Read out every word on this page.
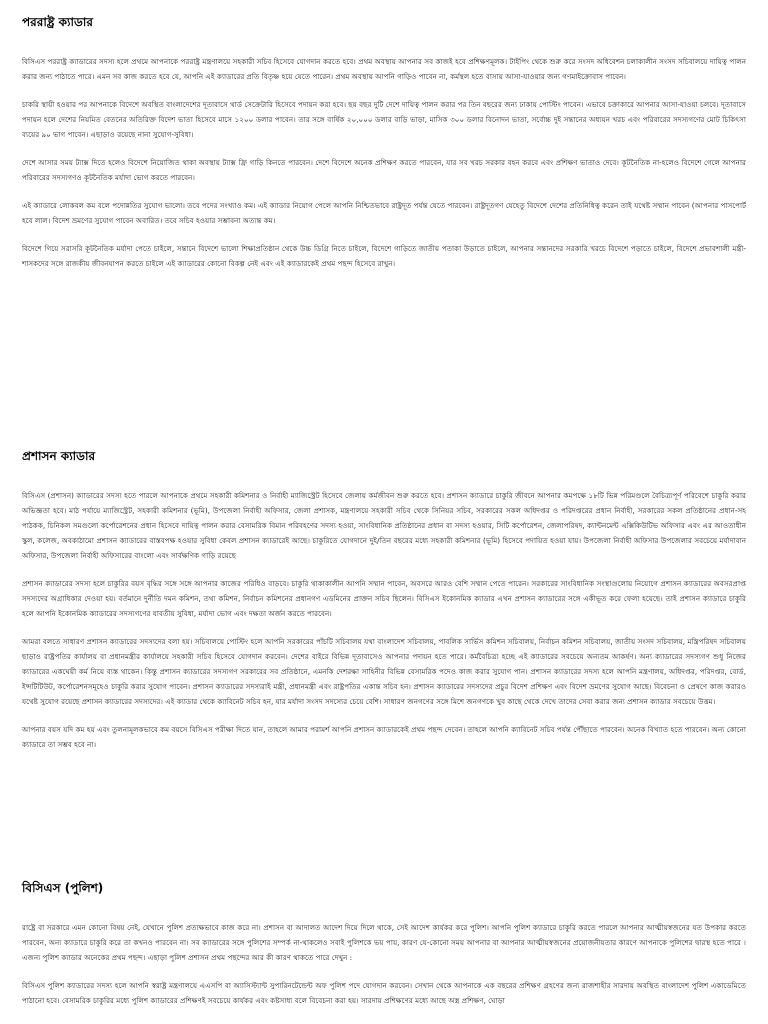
পররাষ্ট্র ক্যাডার

বিসিএস পররাষ্ট্র ক্যাডারের সদস্য হলে প্রথমে আপনাকে পররাষ্ট্র মন্ত্রণালয়ে সহকারী সচিব হিসেবে যোগদান করতে হবে। প্রথম অবস্থায় আপনার সব কাজই হবে প্রশিক্ষণমূলক। টাইপিং থেকে শুরু করে সংসদ অধিবেশন চলাকালীন সংসদ সচিবালয়ে দায়িত্ব পালন করার জন্য পাঠাতে পারে। এমন সব কাজ করতে হবে যে, আপনি এই ক্যাডারের প্রতি বিতৃষ্ণ হয়ে যেতে পারেন। প্রথম অবস্থায় আপনি গাড়িও পাবেন না, কর্মস্থল হতে বাসায় আসা-যাওয়ার জন্য গণমাইক্রোবাস পাবেন।

চাকরি স্থায়ী হওয়ার পর আপনাকে বিদেশে অবস্থিত বাংলাদেশের দূতাবাসে থার্ড সেক্রেটারি হিসেবে পদায়ন করা হবে। ছয় বছর দুটি দেশে দায়িত্ব পালন করার পর তিন বছরের জন্য ঢাকায় পোস্টিং পাবেন। এভাবে চক্রাকারে আপনার আসা-যাওয়া চলবে। দূতাবাসে পদায়ন হলে দেশের নিয়মিত বেতনের অতিরিক্ত বিদেশ ভাতা হিসেবে মাসে ১২০০ ডলার পাবেন। তার সঙ্গে বার্ষিক ২০,০০০ ডলার বাড়ি ভাড়া, মাসিক ৩০০ ডলার বিনোদন ভাতা, সর্বোচ্চ দুই সন্তানের অধ্যয়ন খরচ এবং পরিবারের সদস্যগণের মোট চিকিৎসা ব্যয়ের ৯০ ভাগ পাবেন। এছাড়াও রয়েছে নানা সুযোগ-সুবিধা।

দেশে আসার সময় ট্যাক্স দিতে হলেও বিদেশে নিয়োজিত থাকা অবস্থায় ট্যাক্স ফ্রি গাড়ি কিনতে পারবেন। দেশে বিদেশে অনেক প্রশিক্ষণ করতে পারবেন, যার সব খরচ সরকার বহন করবে এবং প্রশিক্ষণ ভাতাও দেবে। কূটনৈতিক না-হলেও বিদেশে গেলে আপনার পরিবারের সদস্যগণও কূটনৈতিক মর্যাদা ভোগ করতে পারবেন।

এই ক্যাডারে লোকবল কম বলে পদোন্নতির সুযোগ ভালো। তবে পদের সংখ্যাও কম। এই ক্যাডার নিয়োগ পেলে আপনি নিশ্চিতভাবে রাষ্ট্রদূত পর্যন্ত যেতে পারবেন। রাষ্ট্রদূতগণ যেহেতু বিদেশে দেশের প্রতিনিধিত্ব করেন তাই যথেষ্ট সম্মান পাবেন (আপনার পাসপোর্ট হবে লাল। বিদেশ ভ্রমণের সুযোগ পাবেন অবারিত। তবে সচিব হওয়ার সম্ভাবনা অত্যন্ত কম।

বিদেশে গিয়ে সরাসরি কূটনৈতিক মর্যাদা পেতে চাইলে, সন্তানে বিদেশে ভালো শিক্ষাপ্রতিষ্ঠান থেকে উচ্চ ডিগ্রি নিতে চাইলে, বিদেশে গাড়িতে জাতীয় পতাকা উড়াতে চাইলে, আপনার সন্তানদের সরকারি খরচে বিদেশে পড়াতে চাইলে, বিদেশে প্রভাবশালী মন্ত্রী-শাসকদের সঙ্গে রাজকীয় জীবনযাপন করতে চাইলে এই ক্যাডারের কোনো বিকল্প নেই এবং এই ক্যাডারকেই প্রথম পছন্দ হিসেবে রাখুন।

প্রশাসন ক্যাডার

বিসিএস (প্রশাসন) ক্যাডারের সদস্য হতে পারলে আপনাকে প্রথমে সহকারী কমিশনার ও নির্বাহী ম্যাজিস্ট্রেট হিসেবে জেলায় কর্মজীবন শুরু করতে হবে। প্রশাসন ক্যাডারে চাকুরি জীবনে আপনার কমপক্ষে ১৮টি ভিন্ন পরিমণ্ডলে বৈচিত্র্যপূর্ণ পরিবেশে চাকুরি করার অভিজ্ঞতা হবে। মাঠ পর্যায়ে ম্যাজিস্ট্রেট, সহকারী কমিশনার (ভূমি), উপজেলা নির্বাহী অফিসার, জেলা প্রশাসক, মন্ত্রণালয়ে সহকারী সচিব থেকে সিনিয়র সচিব, সরকারের সকল অধিদপ্তর ও পরিদপ্তরের প্রধান নির্বাহী, সরকারের সকল প্রতিষ্ঠানের প্রধান-সহ পাঠকক, চিনিকল সমগুলো কর্পোরেশনের প্রধান হিসেবে দায়িত্ব পালন করার বেসামরিক বিমান পরিবহণের সদস্য হওয়া, সাংবিধানিক প্রতিষ্ঠানের প্রধান বা সদস্য হওয়ার, সিটি কর্পোরেশন, জেলাপরিষদ, ক্যান্টনমেন্ট এক্সিকিউটিভ অফিসার এবং এর আওতাধীন স্কুল, কলেজ, অবকাঠামো প্রশাসন ক্যাডারের বাস্তবপক্ষ হওয়ার সুবিধা কেবল প্রশাসন ক্যাডারেই আছে। চাকুরিতে যোগদানে দুই/তিন বছরের মধ্যে সহকারী কমিশনার (ভূমি) হিসেবে পদায়িত হওয়া যায়। উপজেলা নির্বাহী অফিসার উপজেলার সবচেয়ে মর্যাদাবান অফিসার, উপজেলা নির্বাহী অফিসারের বাংলো এবং সার্বক্ষণিক গাড়ি রয়েছে

প্রশাসন ক্যাডারের সদস্য হলে চাকুরির বয়স বৃদ্ধির সঙ্গে সঙ্গে আপনার কাজের পরিধিও বাড়বে। চাকুরি থাকাকালীন আপনি সম্মান পাবেন, অবসরে আরও বেশি সম্মান পেতে পারেন। সরকারের সাংবিধানিক সংস্থাগুলোয় নিয়োগে প্রশাসন ক্যাডারের অবসরপ্রাপ্ত সদস্যদের অগ্রাধিকার দেওয়া হয়। বর্তমানে দুর্নীতি দমন কমিশন, তথ্য কমিশন, নির্বাচন কমিশনের প্রধানগণ এডমিনের প্রাক্তন সচিব ছিলেন। বিসিএস ইকোনমিক ক্যাডার এখন প্রশাসন ক্যাডারের সঙ্গে একীভূত করে ফেলা হয়েছে। তাই প্রশাসন ক্যাডারে চাকুরি হলে আপনি ইকোনমিক ক্যাডারের সদস্যগণের যাবতীয় সুবিধা, মর্যাদা ভোগ এবং দক্ষতা অর্জন করতে পারবেন।

আমরা বলতে সাধারণ প্রশাসন ক্যাডারের সদস্যদের বলা হয়। সচিবালয়ে পোস্টিং হলে আপনি সরকারের পাঁচটি সচিবালয় যথা বাংলাদেশ সচিবালয়, পাবলিক সার্ভিস কমিশন সচিবালয়, নির্বাচন কমিশন সচিবালয়, জাতীয় সংসদ সচিবালয়, মন্ত্রিপরিষদ সচিবালয় ছাড়াও রাষ্ট্রপতির কার্যালয় বা প্রধানমন্ত্রীর কার্যালয়ে সহকারী সচিব হিসেবে যোগদান করবেন। দেশের বাইরে বিভিন্ন দূতাবাসেও আপনার পদায়ন হতে পারে। কর্মবৈচিত্র্য হচ্ছে এই ক্যাডারের সবচেয়ে অন্যতম আকর্ষণ। অন্য ক্যাডারের সদস্যগণ শুধু নিজের ক্যাডারের একঘেয়ী কর্ম নিয়ে ব্যস্ত থাকেন। কিন্তু প্রশাসন ক্যাডারের সদস্যগণ সরকারের সব প্রতিষ্ঠানে, এমনকি দেশরক্ষা সাহিনীর বিভিন্ন বেসামরিক পদেও কাজ করার সুযোগ পান। প্রশাসন ক্যাডারের সদস্য হলে আপনি মন্ত্রণালয়, অধিদপ্তর, পরিদপ্তর, বোর্ড, ইন্সটিটিউট, কর্পোরেশনসমূহেও চাকুরি করার সুযোগ পাবেন। প্রশাসন ক্যাডারের সদস্যরাই মন্ত্রী, প্রধানমন্ত্রী এবং রাষ্ট্রপতির একান্ত সচিব হন। প্রশাসন ক্যাডারের সদস্যদের প্রচুর বিদেশ প্রশিক্ষণ এবং বিদেশ ভ্রমণের সুযোগ আছে। বিবেচনা ও প্রেষণে কাজ করারও যথেষ্ট সুযোগ রয়েছে প্রশাসন ক্যাডারের সদস্যদের। এই ক্যাডার থেকে ক্যাবিনেট সচিব হন, যার মর্যাদা সংসদ সদস্যের চেয়ে বেশি। সাধারণ জনগণের সঙ্গে মিশে জনগণকে খুব কাছে থেকে দেখে তাদের সেবা করার জন্য প্রশাসন ক্যাডার সবচেয়ে উত্তম।

আপনার বয়স যদি কম হয় এবং তুলনামূলকভাবে কম বয়সে বিসিএস পরীক্ষা দিতে যান, তাহলে আমার পরামর্শ আপনি প্রশাসন ক্যাডারকেই প্রথম পছন্দ দেবেন। তাহলে আপনি ক্যাবিনেট সচিব পর্যন্ত পৌঁছাতে পারবেন। অনেক বিখ্যাত হতে পারবেন। অন্য কোনো ক্যাডারে তা সম্ভব হবে না।

বিসিএস (পুলিশ)

রাষ্ট্রে বা সরকারে এমন কোনো বিষয় নেই, যেখানে পুলিশ প্রত্যক্ষভাবে কাজ করে না। প্রশাসন বা আদালত আদেশ দিয়ে দিলে থাকে, সেই আদেশ কার্যকর করে পুলিশ। আপনি পুলিশ ক্যাডারে চাকুরি করতে পারলে আপনার আত্মীয়স্বজনের যত উপকার করতে পারবেন, অন্য ক্যাডারে চাকুরি করে তা কখনও পারবেন না। সব ক্যাডারের সঙ্গে পুলিশের সম্পর্ক না-থাকলেও সবাই পুলিশকে ভয় পায়, কারণ যে-কোনো সময় আপনার বা আপনার আত্মীয়স্বজনের প্রয়োজনীয়তার কারণে আপনাকে পুলিশের দ্বারস্থ হতে পারে । এজন্য পুলিশ ক্যাডার অনেকের প্রথম পছন্দ। এছাড়া পুলিশ প্রশাসন প্রথম পছন্দের আর কী কারণ থাকতে পারে দেখুন :

বিসিএস পুলিশ ক্যাডারের সদস্য হলে আপনি স্বরাষ্ট্র মন্ত্রণালয়ে এএসপি বা অ্যাসিস্ট্যান্ট সুপারিনটেন্ডেন্ট অফ পুলিশ পদে যোগদান করবেন। সেখান থেকে আপনাকে এক বছরের প্রশিক্ষণ গ্রহণের জন্য রাজশাহীর সারদায় অবস্থিত বাংলাদেশ পুলিশ একাডেমিতে পাঠানো হবে। বেসামরিক চাকুরির মধ্যে পুলিশ ক্যাডারের প্রশিক্ষণই সবচেয়ে কার্যকর এবং কষ্টসাধ্য বলে বিবেচনা করা হয়। সারদায় প্রশিক্ষণের মধ্যে আছে অস্ত্র প্রশিক্ষণ, ঘোড়া
